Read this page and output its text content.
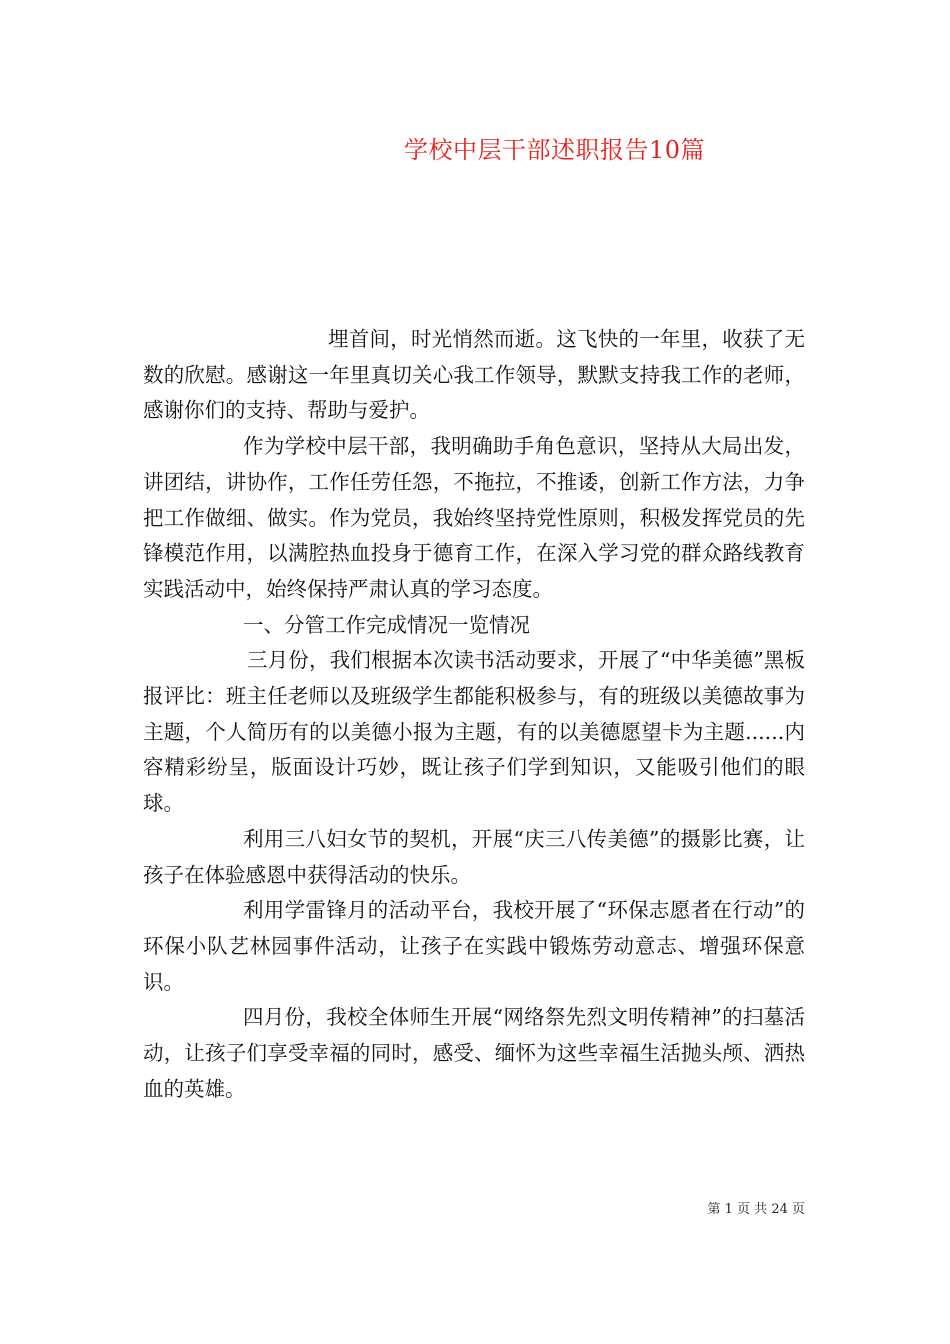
学校中层干部述职报告10篇

埋首间，时光悄然而逝。这飞快的一年里，收获了无数的欣慰。感谢这一年里真切关心我工作领导，默默支持我工作的老师，感谢你们的支持、帮助与爱护。

作为学校中层干部，我明确助手角色意识，坚持从大局出发，讲团结，讲协作，工作任劳任怨，不拖拉，不推诿，创新工作方法，力争把工作做细、做实。作为党员，我始终坚持党性原则，积极发挥党员的先锋模范作用，以满腔热血投身于德育工作，在深入学习党的群众路线教育实践活动中，始终保持严肃认真的学习态度。

一、分管工作完成情况一览情况

三月份，我们根据本次读书活动要求，开展了“中华美德”黑板报评比：班主任老师以及班级学生都能积极参与，有的班级以美德故事为主题，个人简历有的以美德小报为主题，有的以美德愿望卡为主题......内容精彩纷呈，版面设计巧妙，既让孩子们学到知识，又能吸引他们的眼球。

利用三八妇女节的契机，开展“庆三八传美德”的摄影比赛，让孩子在体验感恩中获得活动的快乐。

利用学雷锋月的活动平台，我校开展了“环保志愿者在行动”的环保小队艺林园事件活动，让孩子在实践中锻炼劳动意志、增强环保意识。

四月份，我校全体师生开展“网络祭先烈文明传精神”的扫墓活动，让孩子们享受幸福的同时，感受、缅怀为这些幸福生活抛头颅、洒热血的英雄。

第 1 页 共 24 页
